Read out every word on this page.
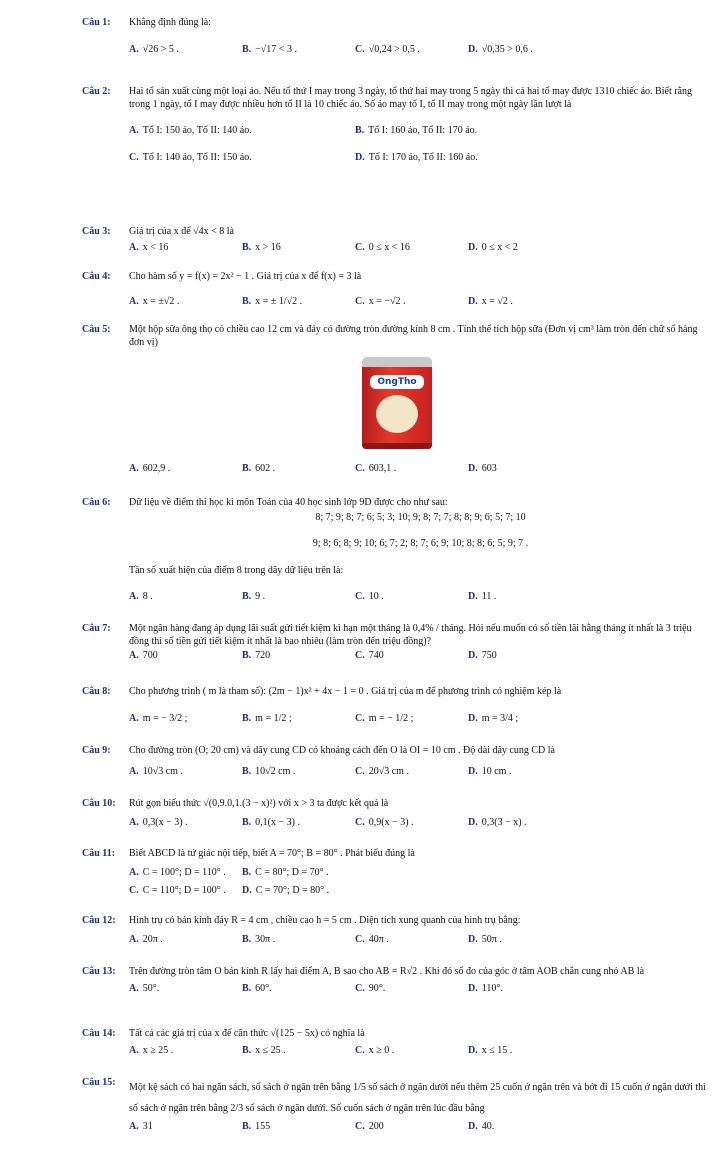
Câu 1:	Khẳng định đúng là:
A. √26 > 5 .	B. −√17 < 3 .	C. √0,24 > 0,5 .	D. √0,35 > 0,6 .
Câu 2:	Hai tổ sản xuất cùng một loại áo. Nếu tổ thứ I may trong 3 ngày, tổ thứ hai may trong 5 ngày thì cả hai tổ may được 1310 chiếc áo. Biết rằng trong 1 ngày, tổ I may được nhiều hơn tổ II là 10 chiếc áo. Số áo may tổ I, tổ II may trong một ngày lần lượt là
A. Tổ I: 150 áo, Tổ II: 140 áo.	B. Tổ I: 160 áo, Tổ II: 170 áo.
C. Tổ I: 140 áo, Tổ II: 150 áo.	D. Tổ I: 170 áo, Tổ II: 160 áo.
Câu 3:	Giá trị của x để √4x < 8 là
A. x < 16	B. x > 16	C. 0 ≤ x < 16	D. 0 ≤ x < 2
Câu 4:	Cho hàm số y = f(x) = 2x² − 1 . Giá trị của x để f(x) = 3 là
A. x = ±√2 .	B. x = ± 1/√2 .	C. x = −√2 .	D. x = √2 .
Câu 5:	Một hộp sữa ông thọ có chiều cao 12 cm và đáy có đường tròn đường kính 8 cm . Tính thể tích hộp sữa (Đơn vị cm³ làm tròn đến chữ số hàng đơn vị)
OngTho
A. 602,9 .	B. 602 .	C. 603,1 .	D. 603
Câu 6:	Dữ liệu về điểm thi học kì môn Toán của 40 học sinh lớp 9D được cho như sau:
8; 7; 9; 8; 7; 6; 5; 3; 10; 9; 8; 7; 7; 8; 8; 9; 6; 5; 7; 10
9; 8; 6; 8; 9; 10; 6; 7; 2; 8; 7; 6; 9; 10; 8; 8; 6; 5; 9; 7 .
Tần số xuất hiện của điểm 8 trong dãy dữ liệu trên là:
A. 8 .	B. 9 .	C. 10 .	D. 11 .
Câu 7:	Một ngân hàng đang áp dụng lãi suất gửi tiết kiệm kì hạn một tháng là 0,4% / tháng. Hỏi nếu muốn có số tiền lãi hằng tháng ít nhất là 3 triệu đồng thì số tiền gửi tiết kiệm ít nhất là bao nhiêu (làm tròn đến triệu đồng)?
A. 700	B. 720	C. 740	D. 750
Câu 8:	Cho phương trình ( m là tham số): (2m − 1)x² + 4x − 1 = 0 . Giá trị của m để phương trình có nghiệm kép là
A. m = − 3/2 ;	B. m = 1/2 ;	C. m = − 1/2 ;	D. m = 3/4 ;
Câu 9:	Cho đường tròn (O; 20 cm) và dây cung CD có khoảng cách đến O là OI = 10 cm . Độ dài dây cung CD là
A. 10√3 cm .	B. 10√2 cm .	C. 20√3 cm .	D. 10 cm .
Câu 10:	Rút gọn biểu thức √(0,9.0,1.(3 − x)²) với x > 3 ta được kết quả là
A. 0,3(x − 3) .	B. 0,1(x − 3) .	C. 0,9(x − 3) .	D. 0,3(3 − x) .
Câu 11:	Biết ABCD là tứ giác nội tiếp, biết A = 70°; B = 80° . Phát biểu đúng là
A. C = 100°; D = 110° .	B. C = 80°; D = 70° .
C. C = 110°; D = 100° .	D. C = 70°; D = 80° .
Câu 12:	Hình trụ có bán kính đáy R = 4 cm , chiều cao h = 5 cm . Diện tích xung quanh của hình trụ bằng:
A. 20π .	B. 30π .	C. 40π .	D. 50π .
Câu 13:	Trên đường tròn tâm O bán kính R lấy hai điểm A, B sao cho AB = R√2 . Khi đó số đo của góc ở tâm AOB chắn cung nhỏ AB là
A. 50°.	B. 60°.	C. 90°.	D. 110°.
Câu 14:	Tất cả các giá trị của x để căn thức √(125 − 5x) có nghĩa là
A. x ≥ 25 .	B. x ≤ 25 .	C. x ≥ 0 .	D. x ≤ 15 .
Câu 15:	Một kệ sách có hai ngăn sách, số sách ở ngăn trên bằng 1/5 số sách ở ngăn dưới nếu thêm 25 cuốn ở ngăn trên và bớt đi 15 cuốn ở ngăn dưới thì số sách ở ngăn trên bằng 2/3 số sách ở ngăn dưới. Số cuốn sách ở ngăn trên lúc đầu bằng
A. 31	B. 155	C. 200	D. 40.
